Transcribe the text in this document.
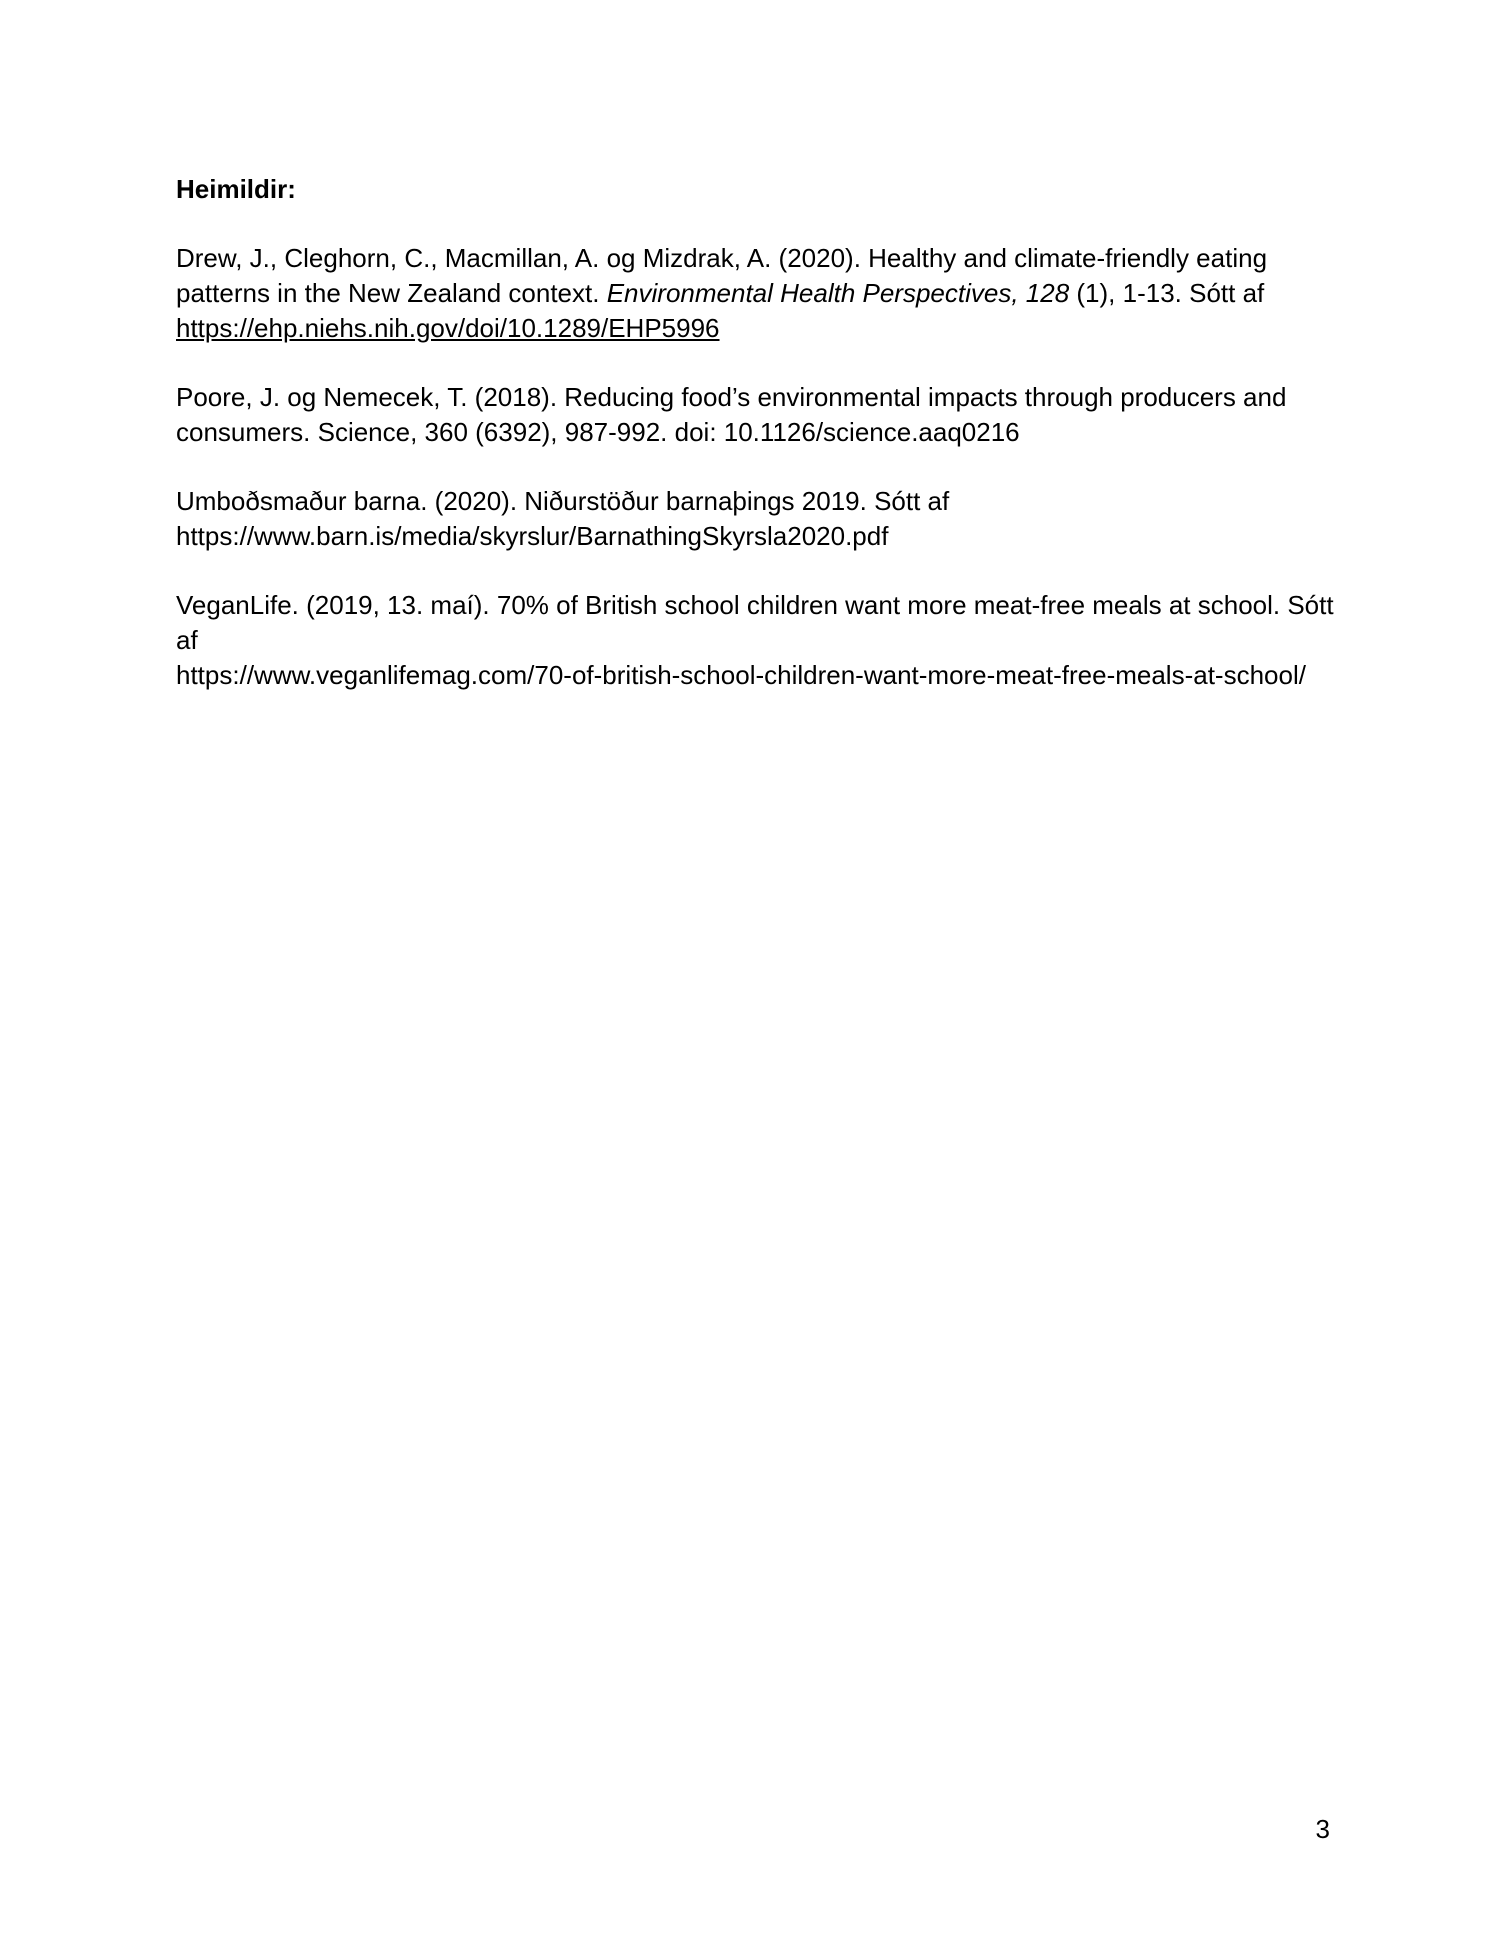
Heimildir:
Drew, J., Cleghorn, C., Macmillan, A. og Mizdrak, A. (2020). Healthy and climate-friendly eating patterns in the New Zealand context. Environmental Health Perspectives, 128 (1), 1-13. Sótt af
https://ehp.niehs.nih.gov/doi/10.1289/EHP5996
Poore, J. og Nemecek, T. (2018). Reducing food’s environmental impacts through producers and consumers. Science, 360 (6392), 987-992. doi: 10.1126/science.aaq0216
Umboðsmaður barna. (2020). Niðurstöður barnaþings 2019. Sótt af
https://www.barn.is/media/skyrslur/BarnathingSkyrsla2020.pdf
VeganLife. (2019, 13. maí). 70% of British school children want more meat-free meals at school. Sótt af
https://www.veganlifemag.com/70-of-british-school-children-want-more-meat-free-meals-at-school/
3
